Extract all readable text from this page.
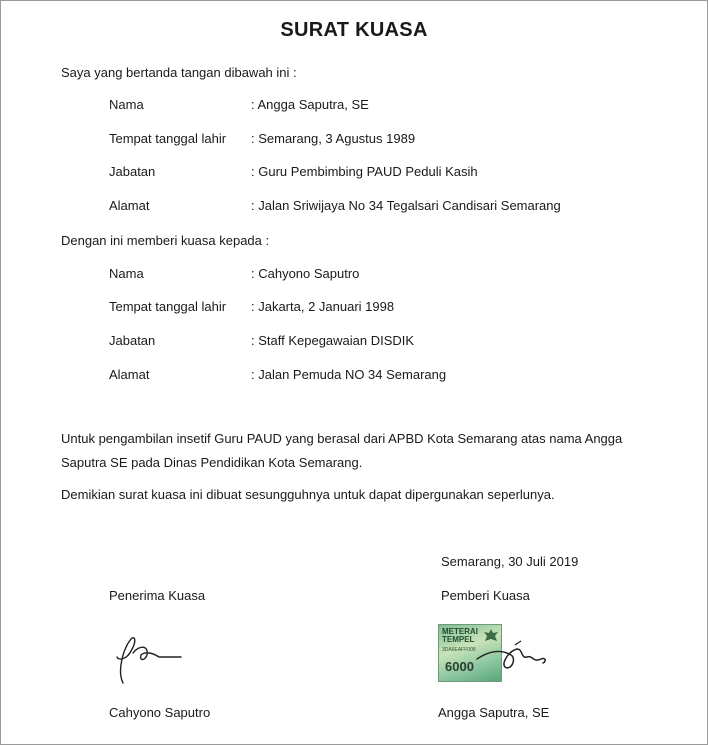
SURAT KUASA
Saya yang bertanda tangan dibawah ini :
Nama	: Angga Saputra, SE
Tempat tanggal lahir : Semarang, 3 Agustus 1989
Jabatan	: Guru Pembimbing PAUD Peduli Kasih
Alamat	: Jalan Sriwijaya No 34 Tegalsari Candisari Semarang
Dengan ini memberi kuasa kepada :
Nama	: Cahyono Saputro
Tempat tanggal lahir : Jakarta, 2 Januari 1998
Jabatan	: Staff Kepegawaian DISDIK
Alamat	: Jalan Pemuda NO 34 Semarang
Untuk pengambilan insetif Guru PAUD yang berasal dari APBD Kota Semarang atas nama Angga Saputra SE pada Dinas Pendidikan Kota Semarang.
Demikian surat kuasa ini dibuat sesungguhnya untuk dapat dipergunakan seperlunya.
Semarang, 30 Juli 2019
Penerima Kuasa	Pemberi Kuasa
METERAI
TEMPEL
3DA6EAFF008
6000
Cahyono Saputro	Angga Saputra, SE
